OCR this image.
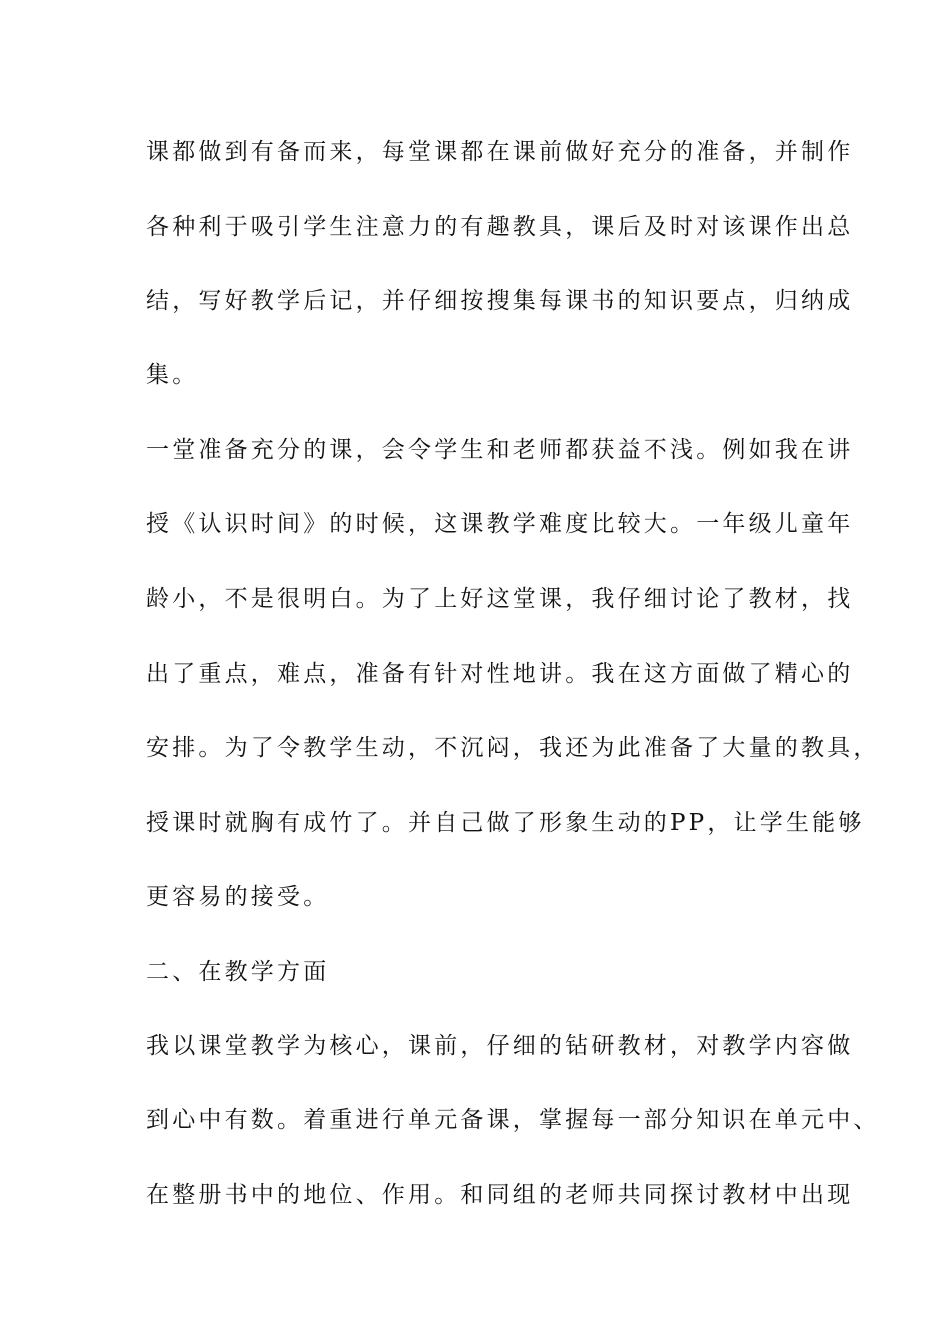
课都做到有备而来，每堂课都在课前做好充分的准备，并制作
各种利于吸引学生注意力的有趣教具，课后及时对该课作出总
结，写好教学后记，并仔细按搜集每课书的知识要点，归纳成
集。
一堂准备充分的课，会令学生和老师都获益不浅。例如我在讲
授《认识时间》的时候，这课教学难度比较大。一年级儿童年
龄小，不是很明白。为了上好这堂课，我仔细讨论了教材，找
出了重点，难点，准备有针对性地讲。我在这方面做了精心的
安排。为了令教学生动，不沉闷，我还为此准备了大量的教具，
授课时就胸有成竹了。并自己做了形象生动的PP，让学生能够
更容易的接受。
二、在教学方面
我以课堂教学为核心，课前，仔细的钻研教材，对教学内容做
到心中有数。着重进行单元备课，掌握每一部分知识在单元中、
在整册书中的地位、作用。和同组的老师共同探讨教材中出现
